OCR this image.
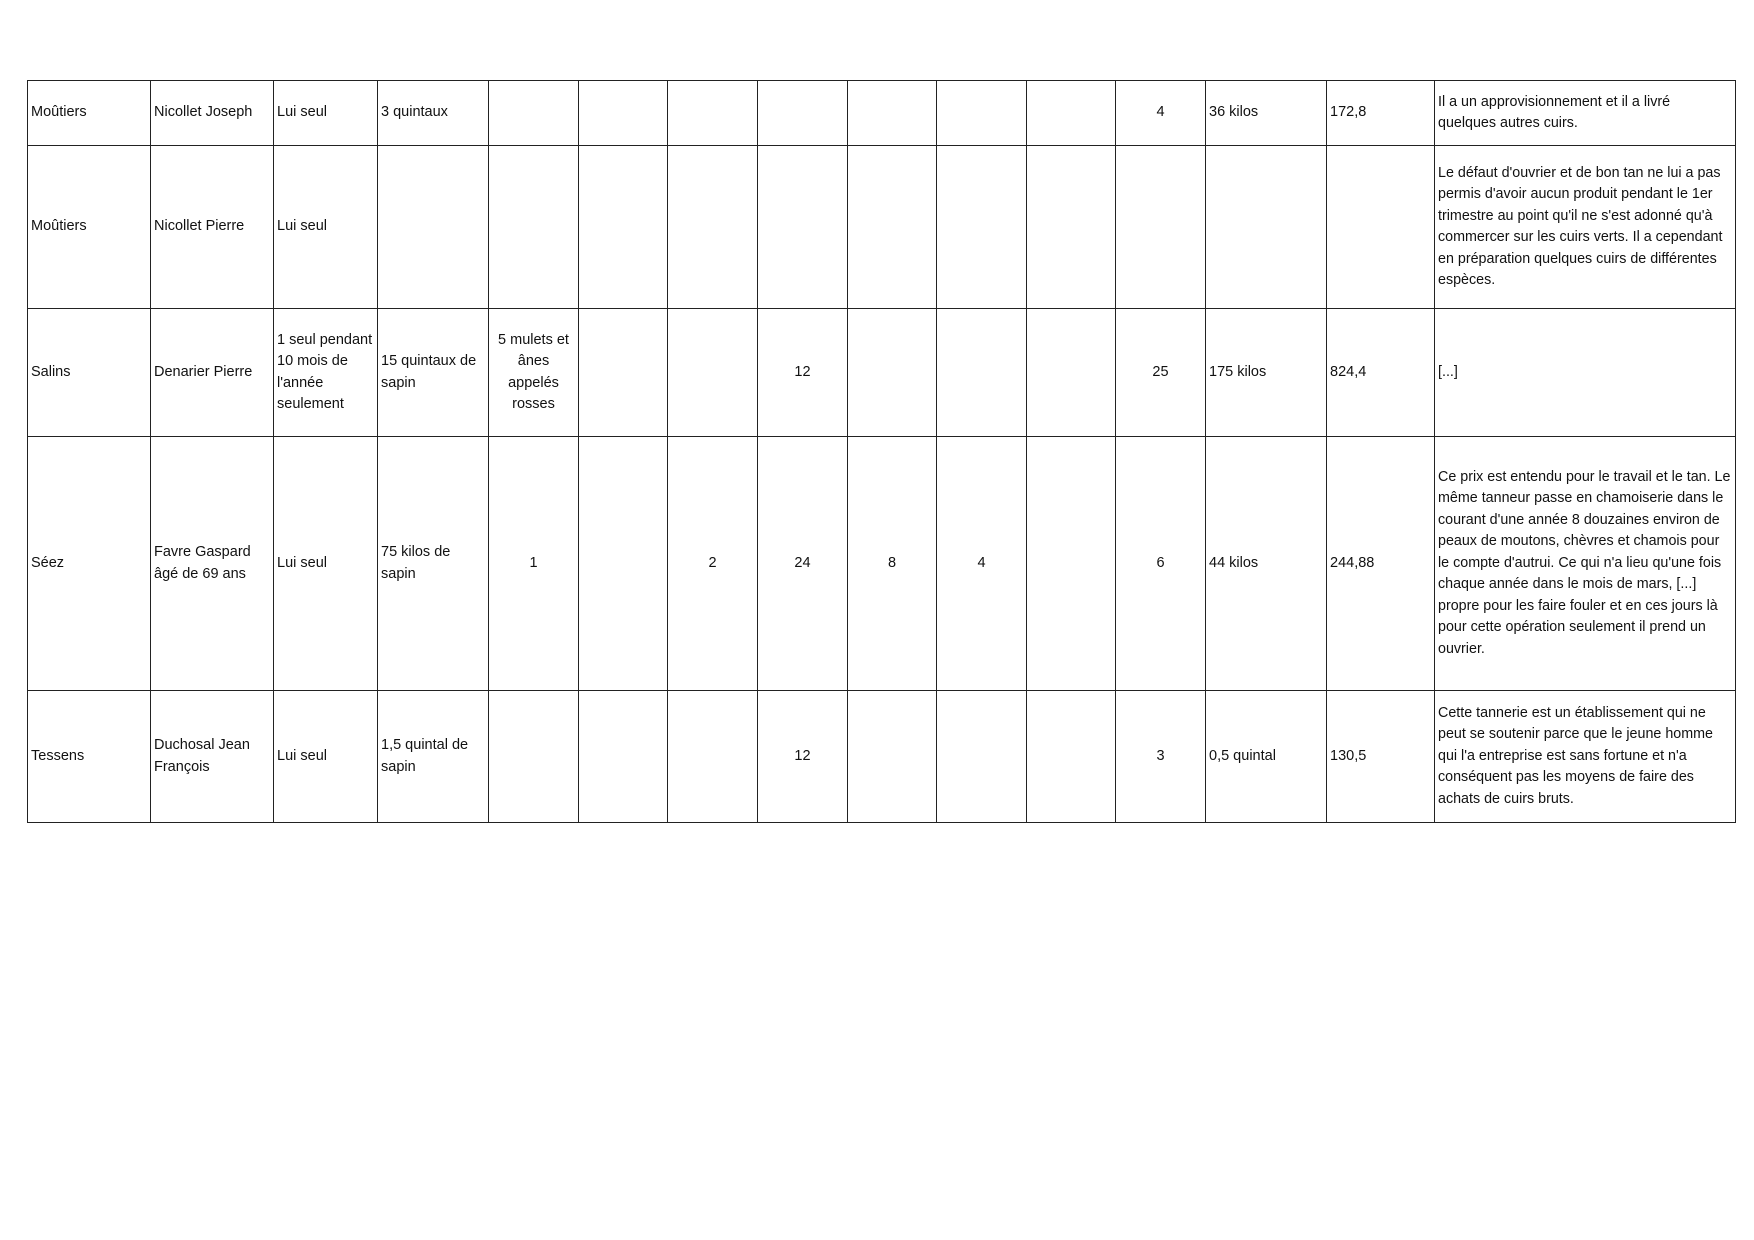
Moûtiers	Nicollet Joseph	Lui seul	3 quintaux								4	36 kilos	172,8	Il a un approvisionnement et il a livré quelques autres cuirs.
Moûtiers	Nicollet Pierre	Lui seul												Le défaut d'ouvrier et de bon tan ne lui a pas permis d'avoir aucun produit pendant le 1er trimestre au point qu'il ne s'est adonné qu'à commercer sur les cuirs verts. Il a cependant en préparation quelques cuirs de différentes espèces.
Salins	Denarier Pierre	1 seul pendant 10 mois de l'année seulement	15 quintaux de sapin	5 mulets et ânes appelés rosses			12				25	175 kilos	824,4	[...]
Séez	Favre Gaspard âgé de 69 ans	Lui seul	75 kilos de sapin	1		2	24	8	4		6	44 kilos	244,88	Ce prix est entendu pour le travail et le tan. Le même tanneur passe en chamoiserie dans le courant d'une année 8 douzaines environ de peaux de moutons, chèvres et chamois pour le compte d'autrui. Ce qui n'a lieu qu'une fois chaque année dans le mois de mars, [...] propre pour les faire fouler et en ces jours là pour cette opération seulement il prend un ouvrier.
Tessens	Duchosal Jean François	Lui seul	1,5 quintal de sapin				12				3	0,5 quintal	130,5	Cette tannerie est un établissement qui ne peut se soutenir parce que le jeune homme qui l'a entreprise est sans fortune et n'a conséquent pas les moyens de faire des achats de cuirs bruts.
